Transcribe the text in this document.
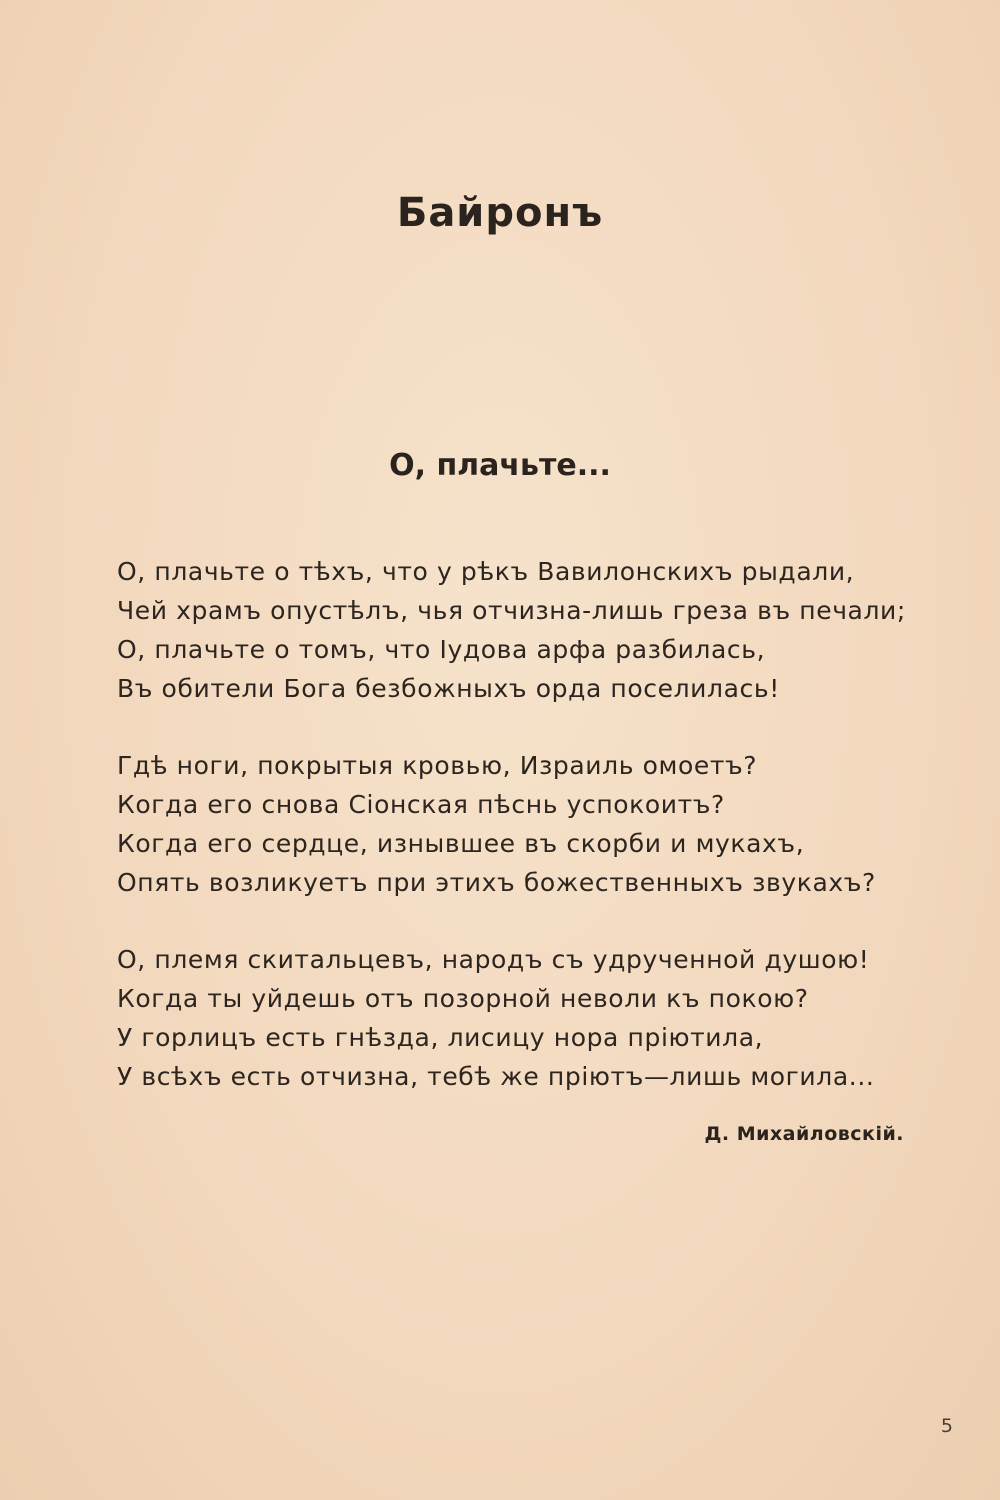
Байронъ
О, плачьте...

О, плачьте о тѣхъ, что у рѣкъ Вавилонскихъ рыдали,
Чей храмъ опустѣлъ, чья отчизна-лишь греза въ печали;
О, плачьте о томъ, что Іудова арфа разбилась,
Въ обители Бога безбожныхъ орда поселилась!

Гдѣ ноги, покрытыя кровью, Израиль омоетъ?
Когда его снова Сіонская пѣснь успокоитъ?
Когда его сердце, изнывшее въ скорби и мукахъ,
Опять возликуетъ при этихъ божественныхъ звукахъ?

О, племя скитальцевъ, народъ съ удрученной душою!
Когда ты уйдешь отъ позорной неволи къ покою?
У горлицъ есть гнѣзда, лисицу нора пріютила,
У всѣхъ есть отчизна, тебѣ же пріютъ—лишь могила...

Д. Михайловскій.
5
